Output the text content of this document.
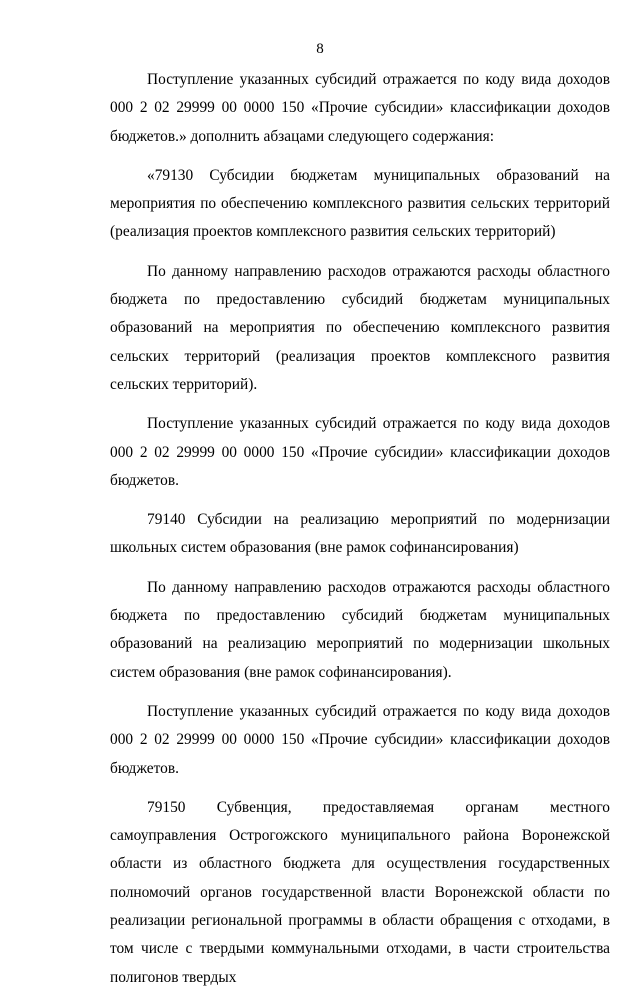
8

Поступление указанных субсидий отражается по коду вида доходов 000 2 02 29999 00 0000 150 «Прочие субсидии» классификации доходов бюджетов.» дополнить абзацами следующего содержания:

«79130 Субсидии бюджетам муниципальных образований на мероприятия по обеспечению комплексного развития сельских территорий (реализация проектов комплексного развития сельских территорий)

По данному направлению расходов отражаются расходы областного бюджета по предоставлению субсидий бюджетам муниципальных образований на мероприятия по обеспечению комплексного развития сельских территорий (реализация проектов комплексного развития сельских территорий).

Поступление указанных субсидий отражается по коду вида доходов 000 2 02 29999 00 0000 150 «Прочие субсидии» классификации доходов бюджетов.

79140 Субсидии на реализацию мероприятий по модернизации школьных систем образования (вне рамок софинансирования)

По данному направлению расходов отражаются расходы областного бюджета по предоставлению субсидий бюджетам муниципальных образований на реализацию мероприятий по модернизации школьных систем образования (вне рамок софинансирования).

Поступление указанных субсидий отражается по коду вида доходов 000 2 02 29999 00 0000 150 «Прочие субсидии» классификации доходов бюджетов.

79150 Субвенция, предоставляемая органам местного самоуправления Острогожского муниципального района Воронежской области из областного бюджета для осуществления государственных полномочий органов государственной власти Воронежской области по реализации региональной программы в области обращения с отходами, в том числе с твердыми коммунальными отходами, в части строительства полигонов твердых
